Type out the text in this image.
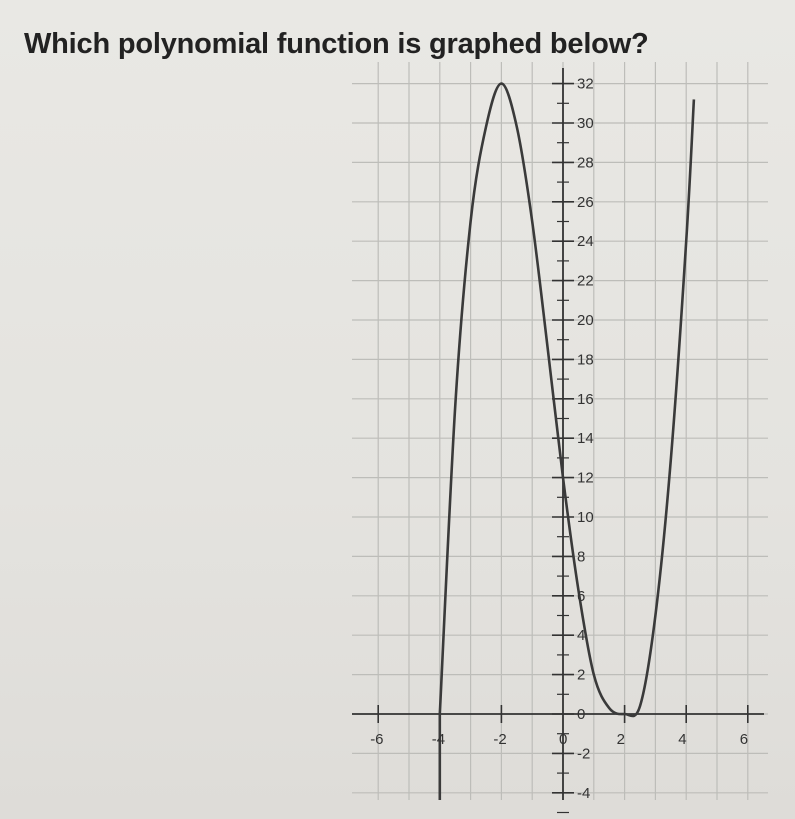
Which polynomial function is graphed below?
32
30
28
26
24
22
20
18
16
14
12
10
8
6
4
2
0
-2
-4
-6	-4	-2	0	2	4	6
